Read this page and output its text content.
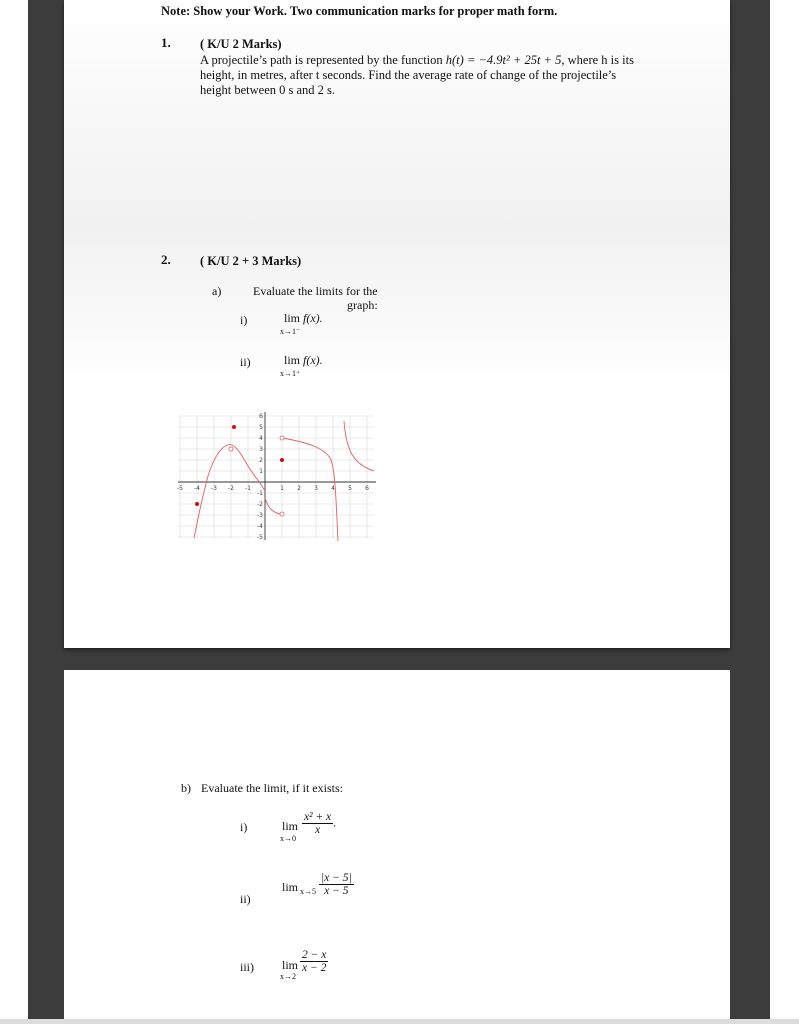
Note: Show your Work. Two communication marks for proper math form.
1. ( K/U 2 Marks)
A projectile’s path is represented by the function h(t) = −4.9t² + 25t + 5, where h is its
height, in metres, after t seconds. Find the average rate of change of the projectile’s
height between 0 s and 2 s.
2. ( K/U 2 + 3 Marks)
a)	Evaluate the limits for the
graph:
i)	lim f(x).
x→1⁻
ii)	lim f(x).
x→1⁺
-5 -4 -3 -2 -1	1 2 3 4 5 6
6
5
4
3
2
1
-1
-2
-3
-4
-5
b) Evaluate the limit, if it exists:
i)	lim
x→0
$\frac{\text{x² + x}}{x}$ .
ii)
$\lim x\to 5 \frac{|x - 5|}{x - 5}$
iii) lim
x→2
$\frac{2 - x}{x - 2}$
